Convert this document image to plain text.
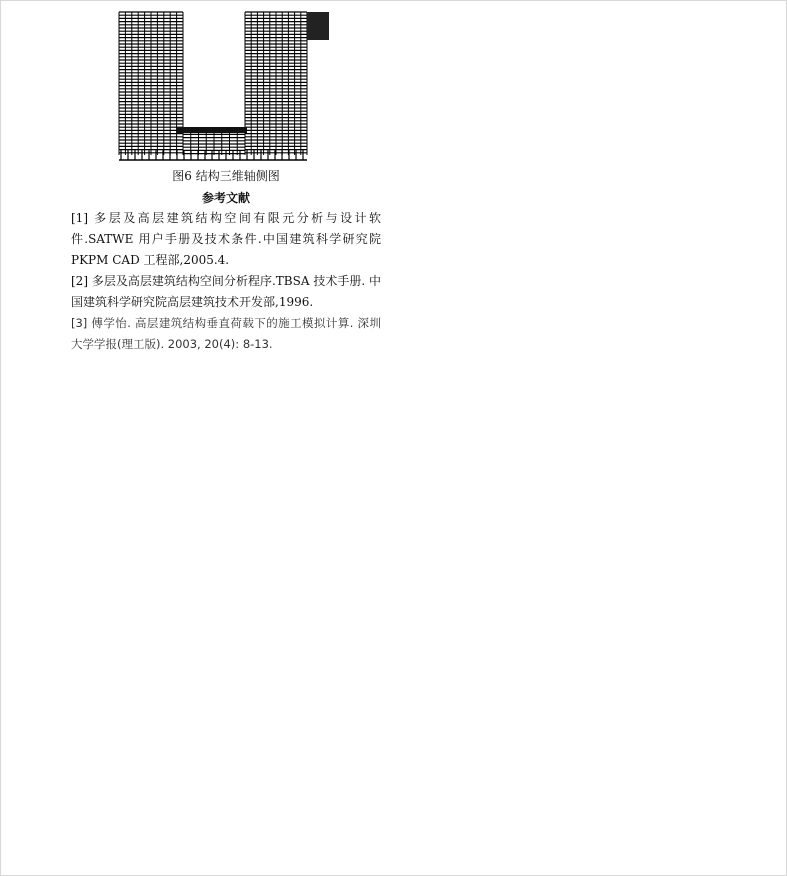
图6 结构三维轴侧图
参考文献
[1] 多层及高层建筑结构空间有限元分析与设计软
件.SATWE 用户手册及技术条件.中国建筑科学研究院
PKPM CAD 工程部,2005.4.
[2] 多层及高层建筑结构空间分析程序.TBSA 技术手册. 中
国建筑科学研究院高层建筑技术开发部,1996.
[3] 傅学怡. 高层建筑结构垂直荷载下的施工模拟计算. 深圳
大学学报(理工版). 2003, 20(4): 8-13.
